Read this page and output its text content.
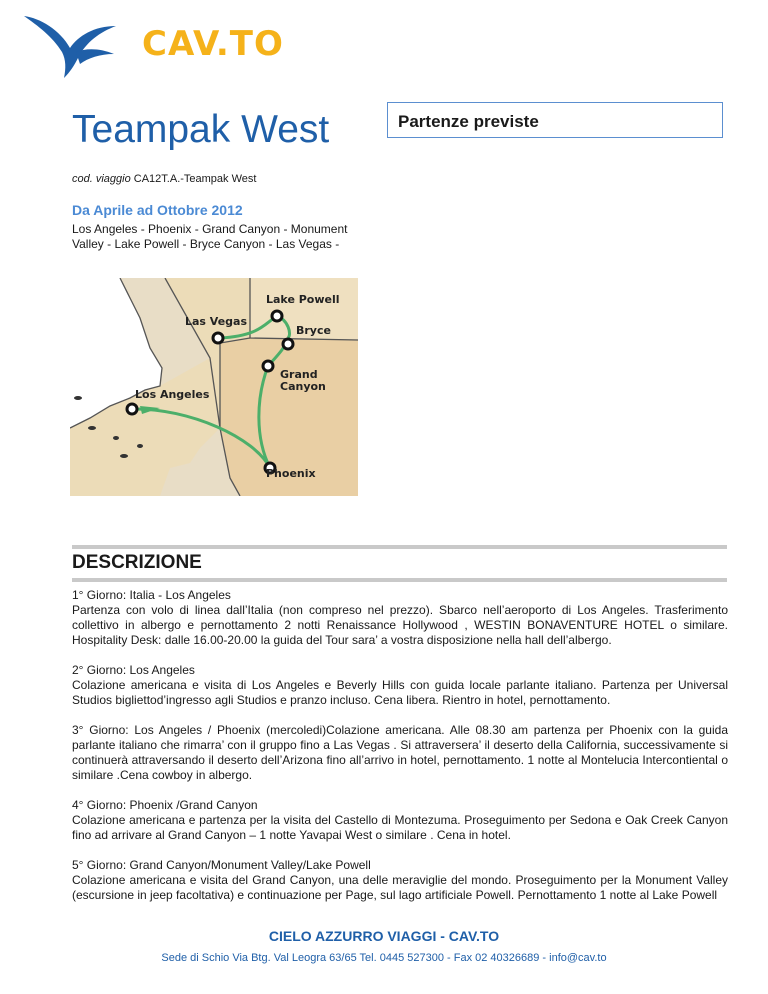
CAV.TO
Teampak West	Partenze previste
cod. viaggio CA12T.A.-Teampak West
Da Aprile ad Ottobre 2012
Los Angeles - Phoenix - Grand Canyon - Monument Valley - Lake Powell - Bryce Canyon - Las Vegas -
Lake Powell
Las Vegas
Bryce
Grand
Canyon
Los Angeles
Phoenix
DESCRIZIONE

1° Giorno: Italia - Los Angeles

Partenza con volo di linea dall’Italia (non compreso nel prezzo). Sbarco nell’aeroporto di Los Angeles. Trasferimento collettivo in albergo e pernottamento 2 notti Renaissance Hollywood , WESTIN BONAVENTURE HOTEL o similare. Hospitality Desk: dalle 16.00-20.00 la guida del Tour sara’ a vostra disposizione nella hall dell’albergo.

2° Giorno: Los Angeles

Colazione americana e visita di Los Angeles e Beverly Hills con guida locale parlante italiano. Partenza per Universal Studios bigliettod’ingresso agli Studios e pranzo incluso. Cena libera. Rientro in hotel, pernottamento.

3° Giorno: Los Angeles / Phoenix (mercoledi)Colazione americana. Alle 08.30 am partenza per Phoenix con la guida parlante italiano che rimarra’ con il gruppo fino a Las Vegas . Si attraversera’ il deserto della California, successivamente si continuerà attraversando il deserto dell’Arizona fino all’arrivo in hotel, pernottamento. 1 notte al Montelucia Intercontiental o similare .Cena cowboy in albergo.

4° Giorno: Phoenix /Grand Canyon

Colazione americana e partenza per la visita del Castello di Montezuma. Proseguimento per Sedona e Oak Creek Canyon fino ad arrivare al Grand Canyon – 1 notte Yavapai West o similare . Cena in hotel.

5° Giorno: Grand Canyon/Monument Valley/Lake Powell

Colazione americana e visita del Grand Canyon, una delle meraviglie del mondo. Proseguimento per la Monument Valley (escursione in jeep facoltativa) e continuazione per Page, sul lago artificiale Powell. Pernottamento 1 notte al Lake Powell

CIELO AZZURRO VIAGGI - CAV.TO
Sede di Schio Via Btg. Val Leogra 63/65 Tel. 0445 527300 - Fax 02 40326689 - info@cav.to
